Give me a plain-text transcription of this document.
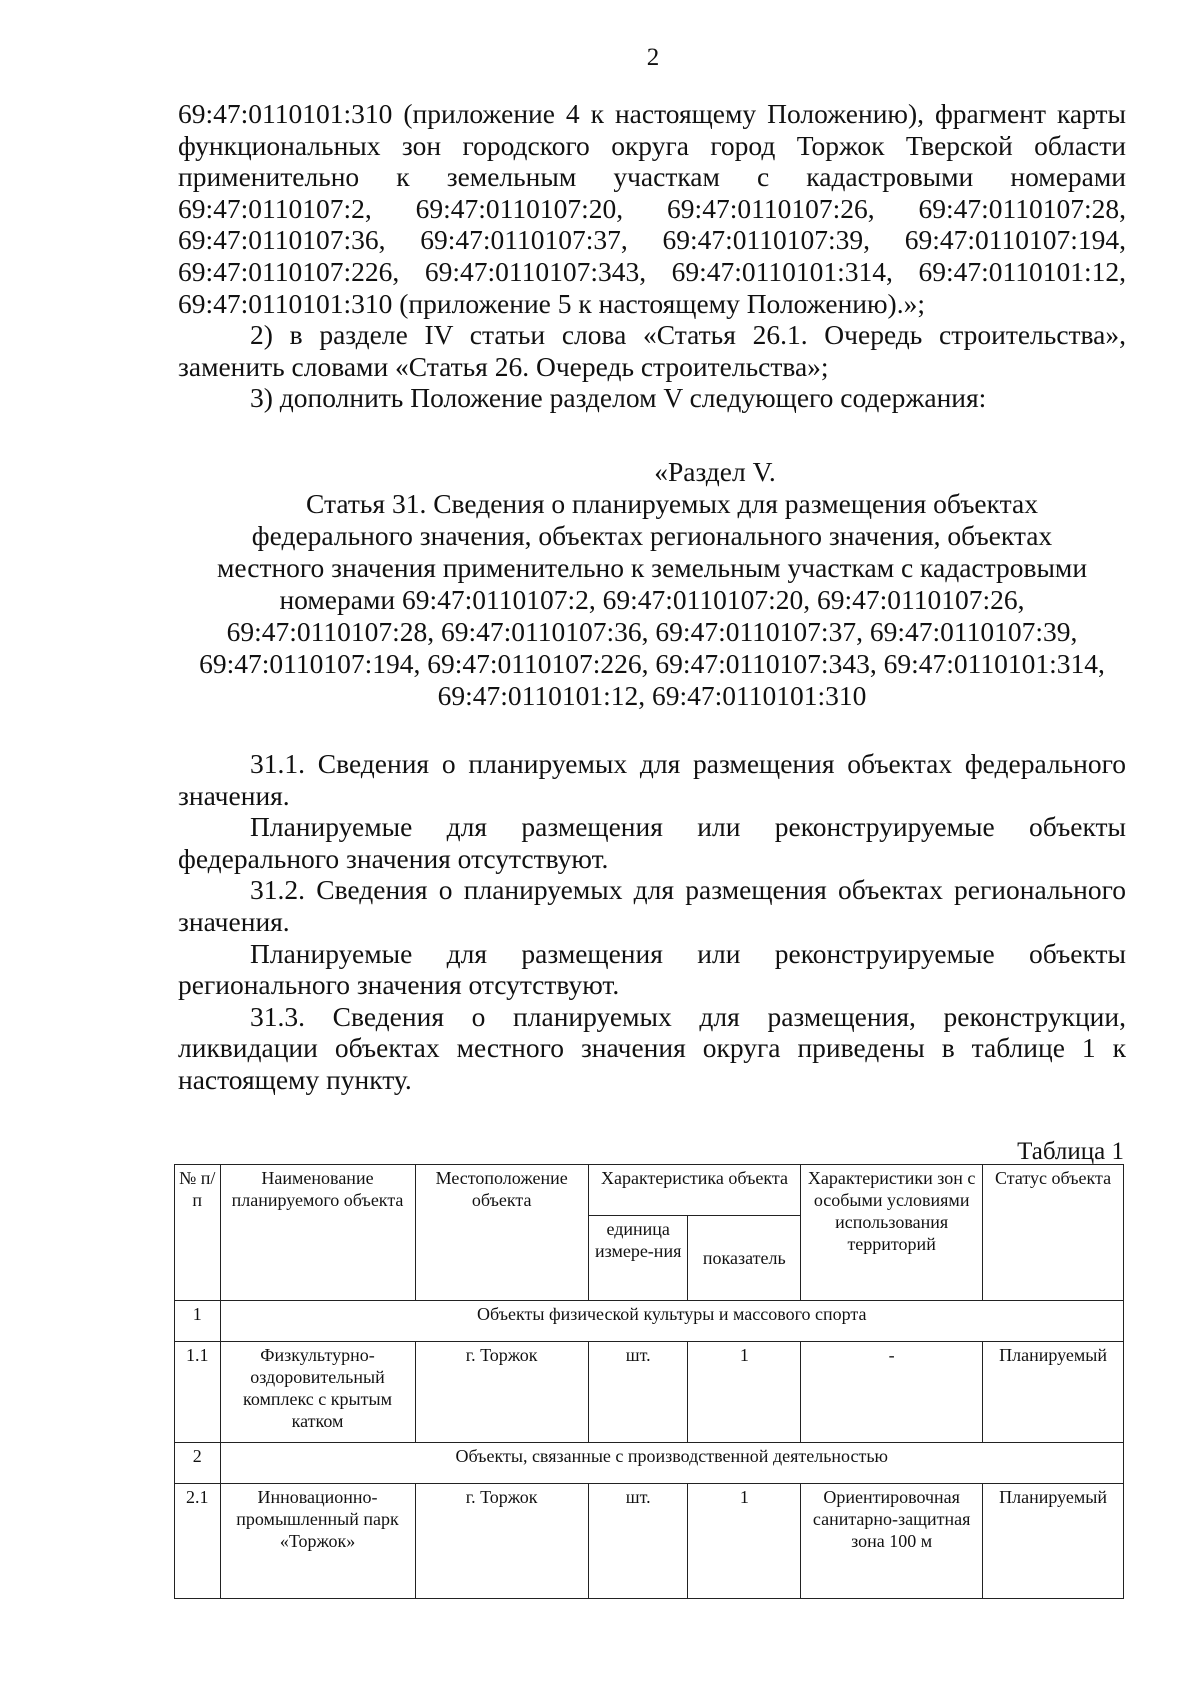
2

69:47:0110101:310 (приложение 4 к настоящему Положению), фрагмент карты функциональных зон городского округа город Торжок Тверской области применительно к земельным участкам с кадастровыми номерами 69:47:0110107:2, 69:47:0110107:20, 69:47:0110107:26, 69:47:0110107:28, 69:47:0110107:36, 69:47:0110107:37, 69:47:0110107:39, 69:47:0110107:194, 69:47:0110107:226, 69:47:0110107:343, 69:47:0110101:314, 69:47:0110101:12, 69:47:0110101:310 (приложение 5 к настоящему Положению).»;

2) в разделе IV статьи слова «Статья 26.1. Очередь строительства», заменить словами «Статья 26. Очередь строительства»;

3) дополнить Положение разделом V следующего содержания:

«Раздел V.
Статья 31. Сведения о планируемых для размещения объектах
федерального значения, объектах регионального значения, объектах
местного значения применительно к земельным участкам с кадастровыми
номерами 69:47:0110107:2, 69:47:0110107:20, 69:47:0110107:26,
69:47:0110107:28, 69:47:0110107:36, 69:47:0110107:37, 69:47:0110107:39,
69:47:0110107:194, 69:47:0110107:226, 69:47:0110107:343, 69:47:0110101:314,
69:47:0110101:12, 69:47:0110101:310

31.1. Сведения о планируемых для размещения объектах федерального значения.

Планируемые для размещения или реконструируемые объекты федерального значения отсутствуют.

31.2. Сведения о планируемых для размещения объектах регионального значения.

Планируемые для размещения или реконструируемые объекты регионального значения отсутствуют.

31.3. Сведения о планируемых для размещения, реконструкции, ликвидации объектах местного значения округа приведены в таблице 1 к настоящему пункту.

Таблица 1
№ п/п	Наименование планируемого объекта	Местоположение объекта	Характеристика объекта		Характеристики зон с особыми условиями использования территорий	Статус объекта
			единица измере-ния	показатель		
1	Объекты физической культуры и массового спорта					
1.1	Физкультурно-оздоровительный комплекс с крытым катком	г. Торжок	шт.	1	-	Планируемый
2	Объекты, связанные с производственной деятельностью					
2.1	Инновационно-промышленный парк «Торжок»	г. Торжок	шт.	1	Ориентировочная санитарно-защитная зона 100 м	Планируемый
